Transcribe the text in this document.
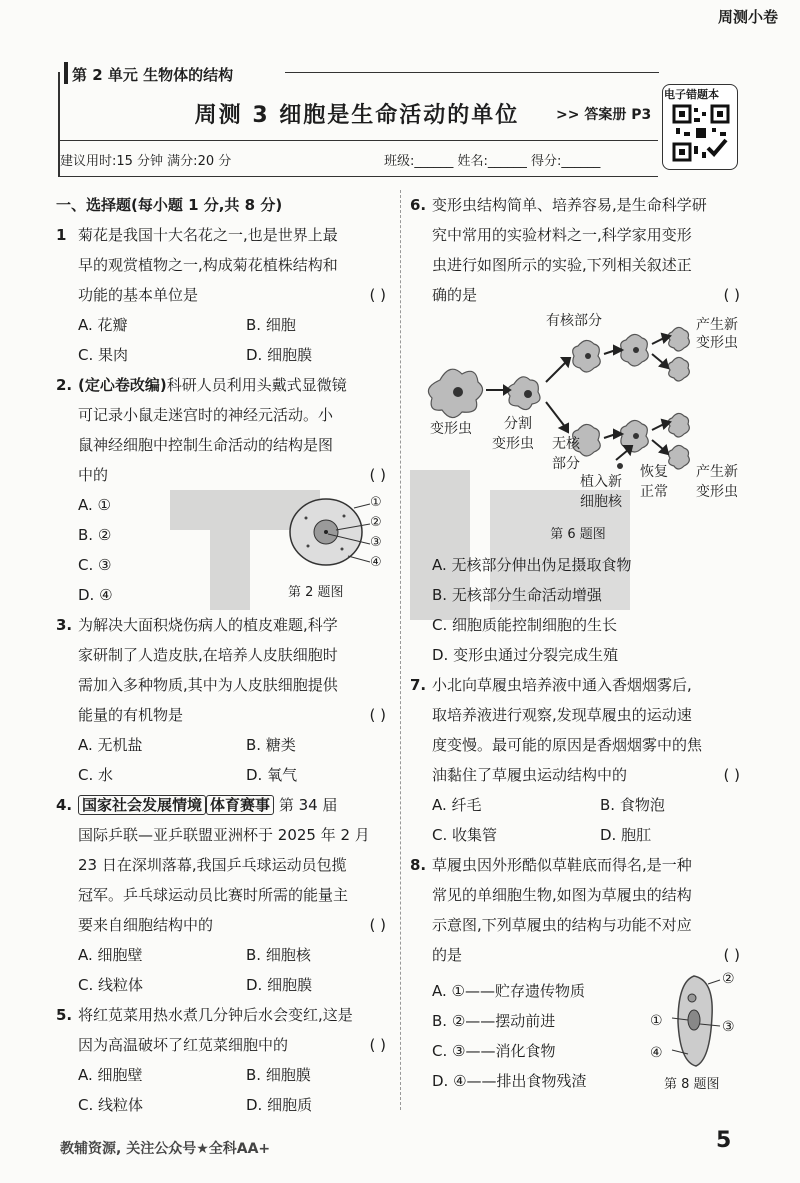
周测小卷
第 2 单元 生物体的结构
周测 3 细胞是生命活动的单位	>> 答案册 P3
建议用时:15 分钟 满分:20 分	班级:______ 姓名:______ 得分:______
电子错题本

一、选择题(每小题 1 分,共 8 分)

1 菊花是我国十大名花之一,也是世界上最

早的观赏植物之一,构成菊花植株结构和

功能的基本单位是	( )

A. 花瓣	B. 细胞

C. 果肉	D. 细胞膜

2. (定心卷改编)科研人员利用头戴式显微镜

可记录小鼠走迷宫时的神经元活动。小

鼠神经细胞中控制生命活动的结构是图

中的	( )

A. ①

B. ②

C. ③

D. ④

①
②
③
④
第 2 题图

3. 为解决大面积烧伤病人的植皮难题,科学

家研制了人造皮肤,在培养人皮肤细胞时

需加入多种物质,其中为人皮肤细胞提供

能量的有机物是	( )

A. 无机盐	B. 糖类

C. 水	D. 氧气

4. 国家社会发展情境 体育赛事 第 34 届

国际乒联—亚乒联盟亚洲杯于 2025 年 2 月

23 日在深圳落幕,我国乒乓球运动员包揽

冠军。乒乓球运动员比赛时所需的能量主

要来自细胞结构中的	( )

A. 细胞壁	B. 细胞核

C. 线粒体	D. 细胞膜

5. 将红苋菜用热水煮几分钟后水会变红,这是

因为高温破坏了红苋菜细胞中的	( )

A. 细胞壁	B. 细胞膜

C. 线粒体	D. 细胞质

6. 变形虫结构简单、培养容易,是生命科学研

究中常用的实验材料之一,科学家用变形

虫进行如图所示的实验,下列相关叙述正

确的是	( )

有核部分	产生新
变形虫
变形虫 分割
变形虫 无核
部分
植入新
细胞核
恢复
正常
产生新
变形虫

第 6 题图

A. 无核部分伸出伪足摄取食物

B. 无核部分生命活动增强

C. 细胞质能控制细胞的生长

D. 变形虫通过分裂完成生殖

7. 小北向草履虫培养液中通入香烟烟雾后,

取培养液进行观察,发现草履虫的运动速

度变慢。最可能的原因是香烟烟雾中的焦

油黏住了草履虫运动结构中的	( )

A. 纤毛	B. 食物泡

C. 收集管	D. 胞肛

8. 草履虫因外形酷似草鞋底而得名,是一种

常见的单细胞生物,如图为草履虫的结构

示意图,下列草履虫的结构与功能不对应

的是	( )

A. ①——贮存遗传物质

B. ②——摆动前进

C. ③——消化食物

D. ④——排出食物残渣

②
①	③
④
第 8 题图
教辅资源, 关注公众号★全科AA+	5
